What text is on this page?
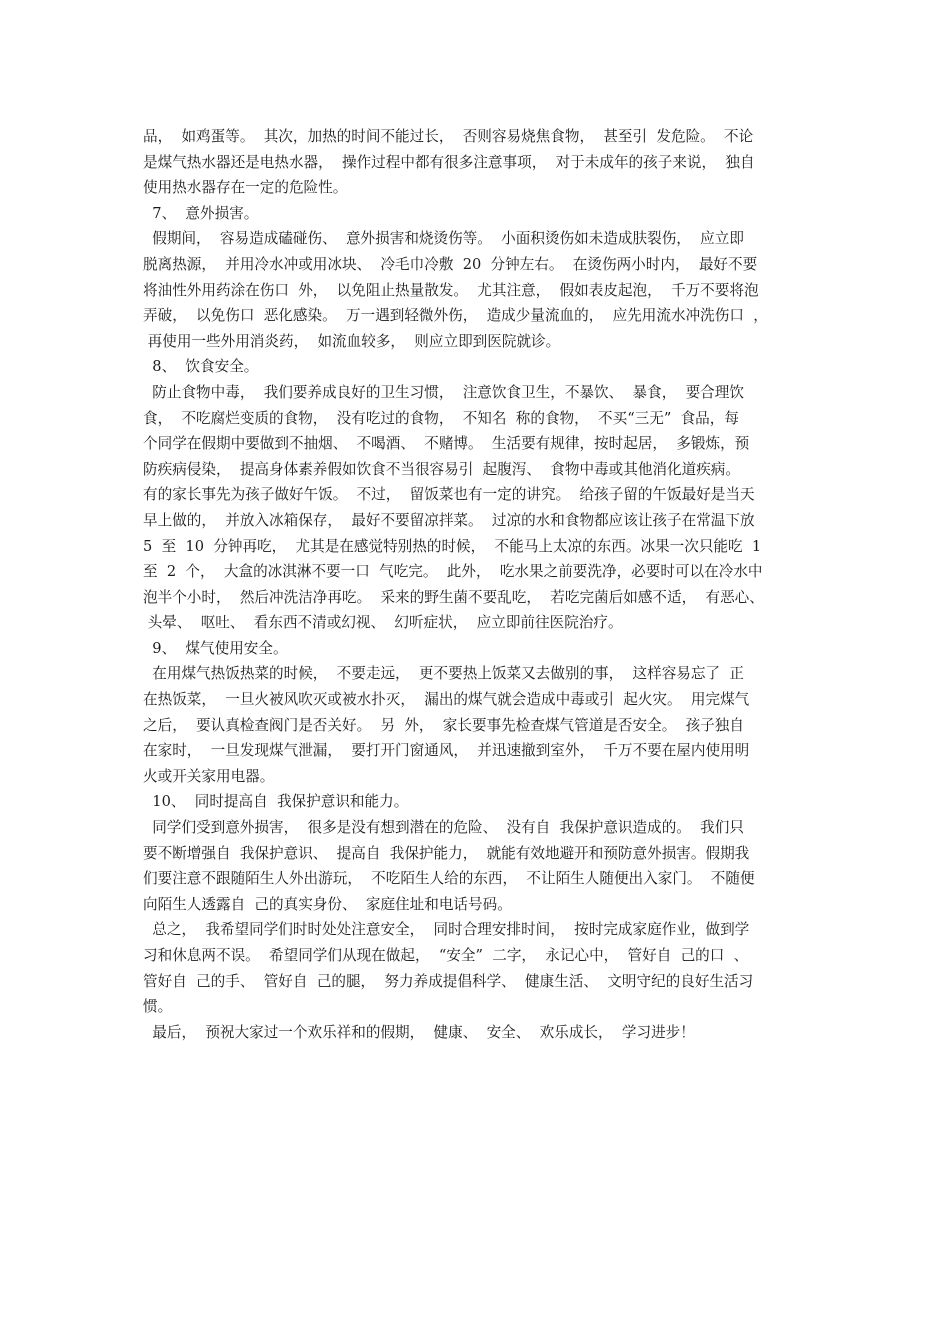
品，  如鸡蛋等。  其次，加热的时间不能过长，  否则容易烧焦食物，  甚至引  发危险。  不论
是煤气热水器还是电热水器，  操作过程中都有很多注意事项，  对于未成年的孩子来说，  独自
使用热水器存在一定的危险性。
7、  意外损害。
假期间，  容易造成磕碰伤、  意外损害和烧烫伤等。  小面积烫伤如未造成肤裂伤，  应立即
脱离热源，  并用冷水冲或用冰块、  冷毛巾冷敷  20  分钟左右。  在烫伤两小时内，  最好不要
将油性外用药涂在伤口  外，  以免阻止热量散发。  尤其注意，  假如表皮起泡，  千万不要将泡
弄破，  以免伤口  恶化感染。  万一遇到轻微外伤，  造成少量流血的，  应先用流水冲洗伤口  ，
再使用一些外用消炎药，  如流血较多，  则应立即到医院就诊。
8、  饮食安全。
防止食物中毒，  我们要养成良好的卫生习惯，  注意饮食卫生，不暴饮、  暴食，  要合理饮
食，  不吃腐烂变质的食物，  没有吃过的食物，  不知名  称的食物，  不买“三无”  食品，每
个同学在假期中要做到不抽烟、  不喝酒、  不赌博。  生活要有规律，按时起居，  多锻炼，预
防疾病侵染，  提高身体素养假如饮食不当很容易引  起腹泻、  食物中毒或其他消化道疾病。
有的家长事先为孩子做好午饭。  不过，  留饭菜也有一定的讲究。  给孩子留的午饭最好是当天
早上做的，  并放入冰箱保存，  最好不要留凉拌菜。  过凉的水和食物都应该让孩子在常温下放
5  至  10  分钟再吃，  尤其是在感觉特别热的时候，  不能马上太凉的东西。冰果一次只能吃  1
至  2  个，  大盒的冰淇淋不要一口  气吃完。  此外，  吃水果之前要洗净，必要时可以在冷水中
泡半个小时，  然后冲洗洁净再吃。  采来的野生菌不要乱吃，  若吃完菌后如感不适，  有恶心、
头晕、  呕吐、  看东西不清或幻视、  幻听症状，  应立即前往医院治疗。
9、  煤气使用安全。
在用煤气热饭热菜的时候，  不要走远，  更不要热上饭菜又去做别的事，  这样容易忘了  正
在热饭菜，  一旦火被风吹灭或被水扑灭，  漏出的煤气就会造成中毒或引  起火灾。  用完煤气
之后，  要认真检查阀门是否关好。  另  外，  家长要事先检查煤气管道是否安全。  孩子独自
在家时，  一旦发现煤气泄漏，  要打开门窗通风，  并迅速撤到室外，  千万不要在屋内使用明
火或开关家用电器。
10、  同时提高自  我保护意识和能力。
同学们受到意外损害，  很多是没有想到潜在的危险、  没有自  我保护意识造成的。  我们只
要不断增强自  我保护意识、  提高自  我保护能力，  就能有效地避开和预防意外损害。假期我
们要注意不跟随陌生人外出游玩，  不吃陌生人给的东西，  不让陌生人随便出入家门。  不随便
向陌生人透露自  己的真实身份、  家庭住址和电话号码。
总之，  我希望同学们时时处处注意安全，  同时合理安排时间，  按时完成家庭作业，做到学
习和休息两不误。  希望同学们从现在做起，  “安全”  二字，  永记心中，  管好自  己的口  、
管好自  己的手、  管好自  己的腿，  努力养成提倡科学、  健康生活、  文明守纪的良好生活习
惯。
最后，  预祝大家过一个欢乐祥和的假期，  健康、  安全、  欢乐成长，  学习进步！
